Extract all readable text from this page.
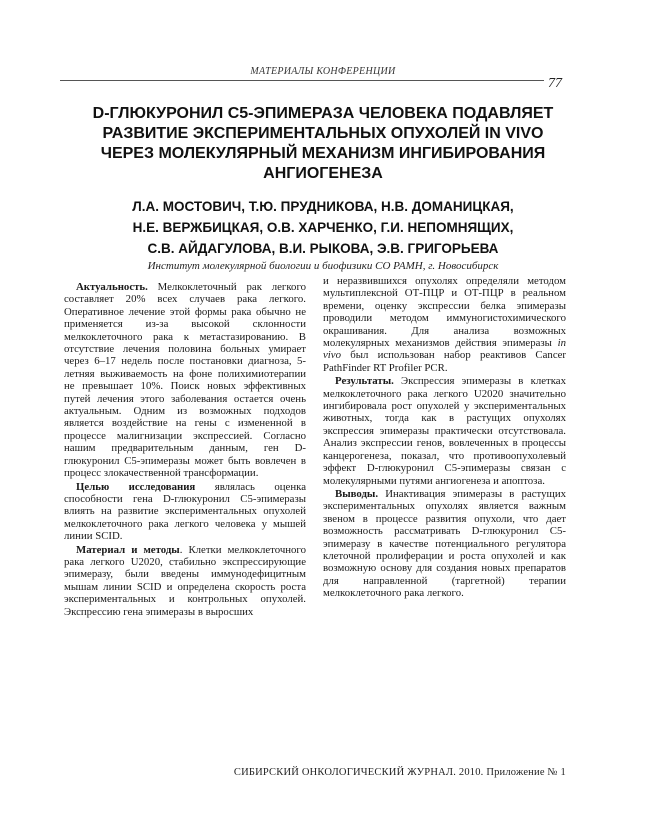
МАТЕРИАЛЫ КОНФЕРЕНЦИИ
77
D-ГЛЮКУРОНИЛ С5-ЭПИМЕРАЗА ЧЕЛОВЕКА ПОДАВЛЯЕТ
РАЗВИТИЕ ЭКСПЕРИМЕНТАЛЬНЫХ ОПУХОЛЕЙ IN VIVO
ЧЕРЕЗ МОЛЕКУЛЯРНЫЙ МЕХАНИЗМ ИНГИБИРОВАНИЯ
АНГИОГЕНЕЗА
Л.А. МОСТОВИЧ, Т.Ю. ПРУДНИКОВА, Н.В. ДОМАНИЦКАЯ,
Н.Е. ВЕРЖБИЦКАЯ, О.В. ХАРЧЕНКО, Г.И. НЕПОМНЯЩИХ,
С.В. АЙДАГУЛОВА, В.И. РЫКОВА, Э.В. ГРИГОРЬЕВА
Институт молекулярной биологии и биофизики СО РАМН, г. Новосибирск

Актуальность. Мелкоклеточный рак легкого составляет 20% всех случаев рака легкого. Оперативное лечение этой формы рака обычно не применяется из-за высокой склонности мелкоклеточного рака к метастазированию. В отсутствие лечения половина больных умирает через 6–17 недель после постановки диагноза, 5-летняя выживаемость на фоне полихимиотерапии не превышает 10%. Поиск новых эффективных путей лечения этого заболевания остается очень актуальным. Одним из возможных подходов является воздействие на гены с измененной в процессе малигнизации экспрессией. Согласно нашим предварительным данным, ген D-глюкуронил С5-эпимеразы может быть вовлечен в процесс злокачественной трансформации.

Целью исследования являлась оценка способности гена D-глюкуронил С5-эпимеразы влиять на развитие экспериментальных опухолей мелкоклеточного рака легкого человека у мышей линии SCID.

Материал и методы. Клетки мелкоклеточного рака легкого U2020, стабильно экспрессирующие эпимеразу, были введены иммунодефицитным мышам линии SCID и определена скорость роста экспериментальных и контрольных опухолей. Экспрессию гена эпимеразы в выросших

и неразвившихся опухолях определяли методом мультиплексной ОТ-ПЦР и ОТ-ПЦР в реальном времени, оценку экспрессии белка эпимеразы проводили методом иммуногистохимического окрашивания. Для анализа возможных молекулярных механизмов действия эпимеразы in vivo был использован набор реактивов Cancer PathFinder RT Profiler PCR.

Результаты. Экспрессия эпимеразы в клетках мелкоклеточного рака легкого U2020 значительно ингибировала рост опухолей у экспериментальных животных, тогда как в растущих опухолях экспрессия эпимеразы практически отсутствовала. Анализ экспрессии генов, вовлеченных в процессы канцерогенеза, показал, что противоопухолевый эффект D-глюкуронил С5-эпимеразы связан с молекулярными путями ангиогенеза и апоптоза.

Выводы. Инактивация эпимеразы в растущих экспериментальных опухолях является важным звеном в процессе развития опухоли, что дает возможность рассматривать D-глюкуронил С5-эпимеразу в качестве потенциального регулятора клеточной пролиферации и роста опухолей и как возможную основу для создания новых препаратов для направленной (таргетной) терапии мелкоклеточного рака легкого.

СИБИРСКИЙ ОНКОЛОГИЧЕСКИЙ ЖУРНАЛ. 2010. Приложение № 1
